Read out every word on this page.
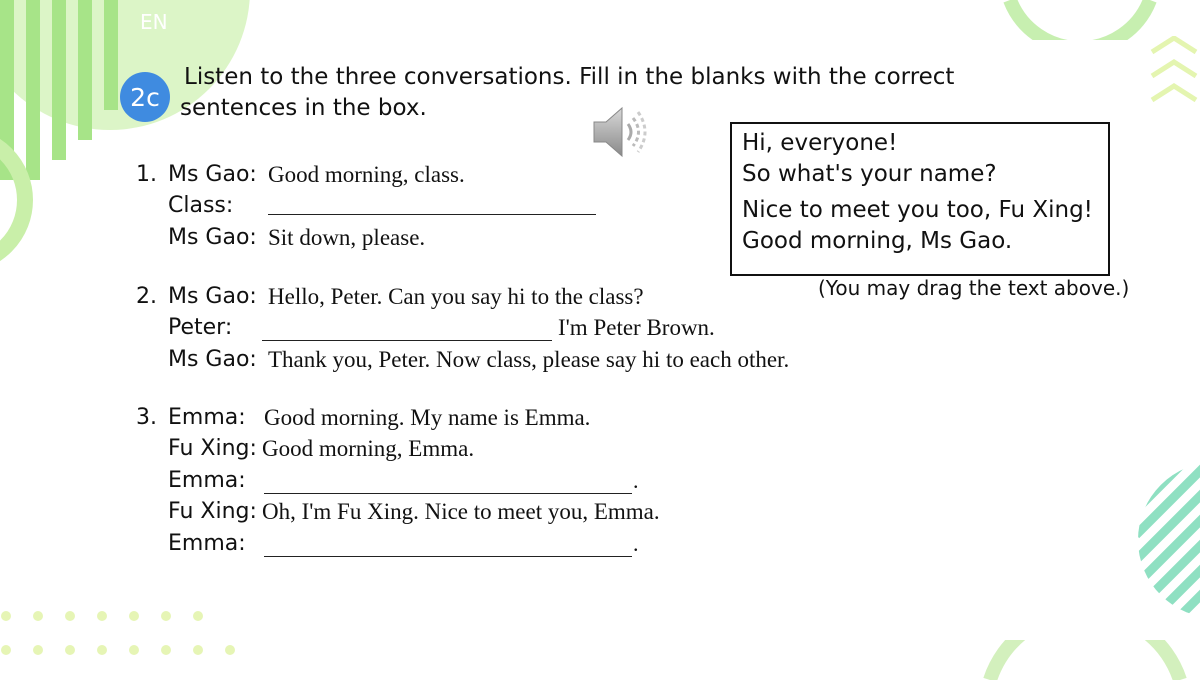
EN
2c
Listen to the three conversations. Fill in the blanks with the correct
sentences in the box.
1. Ms Gao: Good morning, class.
Class:
Ms Gao: Sit down, please.
2. Ms Gao: Hello, Peter. Can you say hi to the class?
Peter:	I'm Peter Brown.
Ms Gao: Thank you, Peter. Now class, please say hi to each other.
3. Emma: Good morning. My name is Emma.
Fu Xing: Good morning, Emma.
Emma:	.
Fu Xing: Oh, I'm Fu Xing. Nice to meet you, Emma.
Emma:	.
Hi, everyone!
So what's your name?
Nice to meet you too, Fu Xing!
Good morning, Ms Gao.
(You may drag the text above.)
